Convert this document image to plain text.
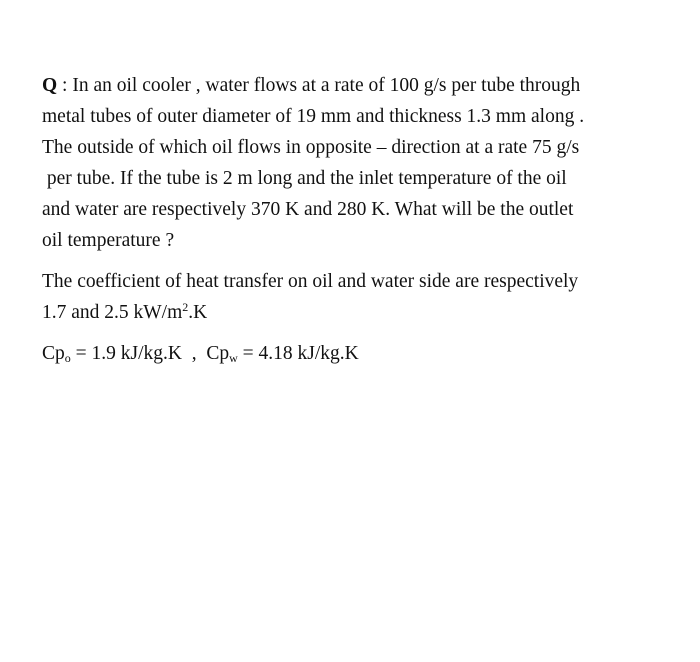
Q : In an oil cooler , water flows at a rate of 100 g/s per tube through

metal tubes of outer diameter of 19 mm and thickness 1.3 mm along .

The outside of which oil flows in opposite – direction at a rate 75 g/s

per tube. If the tube is 2 m long and the inlet temperature of the oil

and water are respectively 370 K and 280 K. What will be the outlet

oil temperature ?

The coefficient of heat transfer on oil and water side are respectively

1.7 and 2.5 $kW/m^2.K$

$Cp_o = 1.9$ kJ/kg.K  ,  $Cp_w = 4.18$ kJ/kg.K
